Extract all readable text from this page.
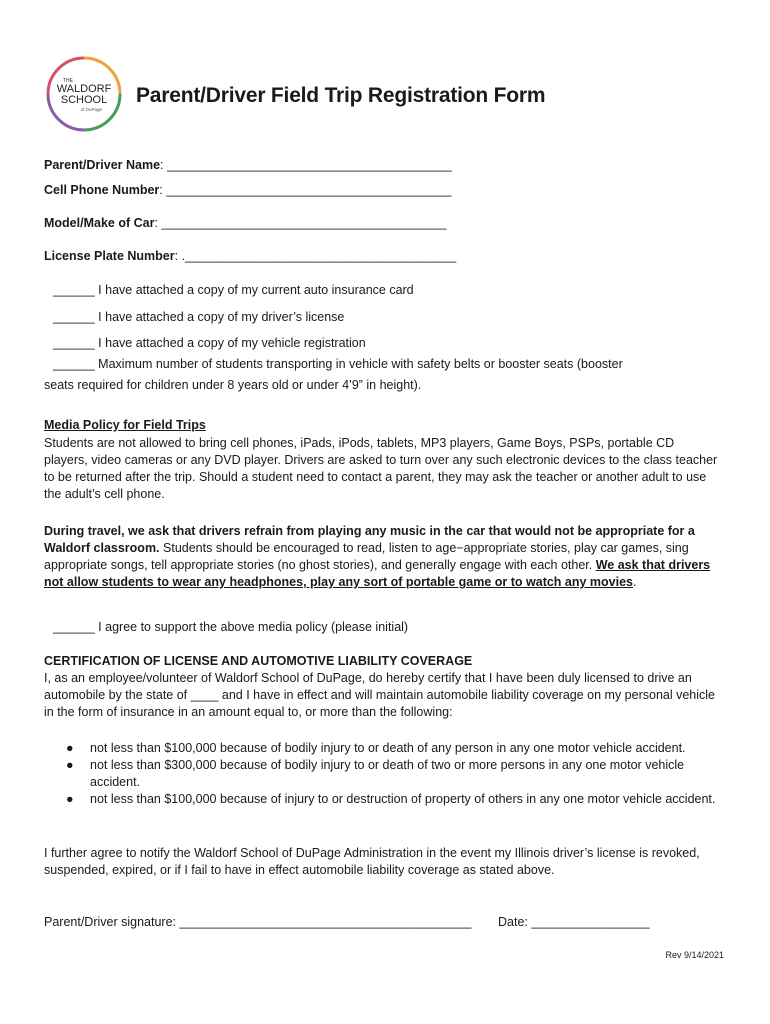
THE
WALDORF
SCHOOL
of DuPage
Parent/Driver Field Trip Registration Form
Parent/Driver Name: _________________________________________
Cell Phone Number: _________________________________________
Model/Make of Car: _________________________________________
License Plate Number: ._______________________________________
______ I have attached a copy of my current auto insurance card
______ I have attached a copy of my driver’s license
______ I have attached a copy of my vehicle registration
______ Maximum number of students transporting in vehicle with safety belts or booster seats (booster
seats required for children under 8 years old or under 4’9” in height).
Media Policy for Field Trips
Students are not allowed to bring cell phones, iPads, iPods, tablets, MP3 players, Game Boys, PSPs, portable CD players, video cameras or any DVD player. Drivers are asked to turn over any such electronic devices to the class teacher to be returned after the trip. Should a student need to contact a parent, they may ask the teacher or another adult to use the adult’s cell phone.
During travel, we ask that drivers refrain from playing any music in the car that would not be appropriate for a Waldorf classroom. Students should be encouraged to read, listen to age−appropriate stories, play car games, sing appropriate songs, tell appropriate stories (no ghost stories), and generally engage with each other. We ask that drivers not allow students to wear any headphones, play any sort of portable game or to watch any movies.
______ I agree to support the above media policy (please initial)
CERTIFICATION OF LICENSE AND AUTOMOTIVE LIABILITY COVERAGE
I, as an employee/volunteer of Waldorf School of DuPage, do hereby certify that I have been duly licensed to drive an automobile by the state of ____ and I have in effect and will maintain automobile liability coverage on my personal vehicle in the form of insurance in an amount equal to, or more than the following:
●	not less than $100,000 because of bodily injury to or death of any person in any one motor vehicle accident.
●	not less than $300,000 because of bodily injury to or death of two or more persons in any one motor vehicle accident.
●	not less than $100,000 because of injury to or destruction of property of others in any one motor vehicle accident.
I further agree to notify the Waldorf School of DuPage Administration in the event my Illinois driver’s license is revoked, suspended, expired, or if I fail to have in effect automobile liability coverage as stated above.
Parent/Driver signature: __________________________________________ Date: _________________
Rev 9/14/2021
